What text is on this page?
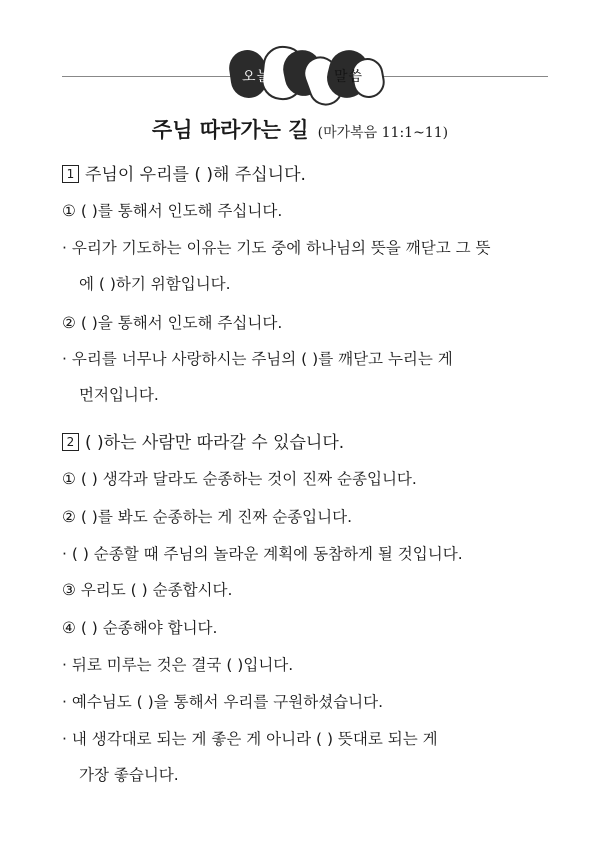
오늘의	말씀
주님 따라가는 길 (마가복음 11:1~11)
1 주님이 우리를 ( )해 주십니다.
① ( )를 통해서 인도해 주십니다.
· 우리가 기도하는 이유는 기도 중에 하나님의 뜻을 깨닫고 그 뜻
에 ( )하기 위함입니다.
② ( )을 통해서 인도해 주십니다.
· 우리를 너무나 사랑하시는 주님의 ( )를 깨닫고 누리는 게
먼저입니다.
2 ( )하는 사람만 따라갈 수 있습니다.
① ( ) 생각과 달라도 순종하는 것이 진짜 순종입니다.
② ( )를 봐도 순종하는 게 진짜 순종입니다.
· ( ) 순종할 때 주님의 놀라운 계획에 동참하게 될 것입니다.
③ 우리도 ( ) 순종합시다.
④ ( ) 순종해야 합니다.
· 뒤로 미루는 것은 결국 ( )입니다.
· 예수님도 ( )을 통해서 우리를 구원하셨습니다.
· 내 생각대로 되는 게 좋은 게 아니라 ( ) 뜻대로 되는 게
가장 좋습니다.
